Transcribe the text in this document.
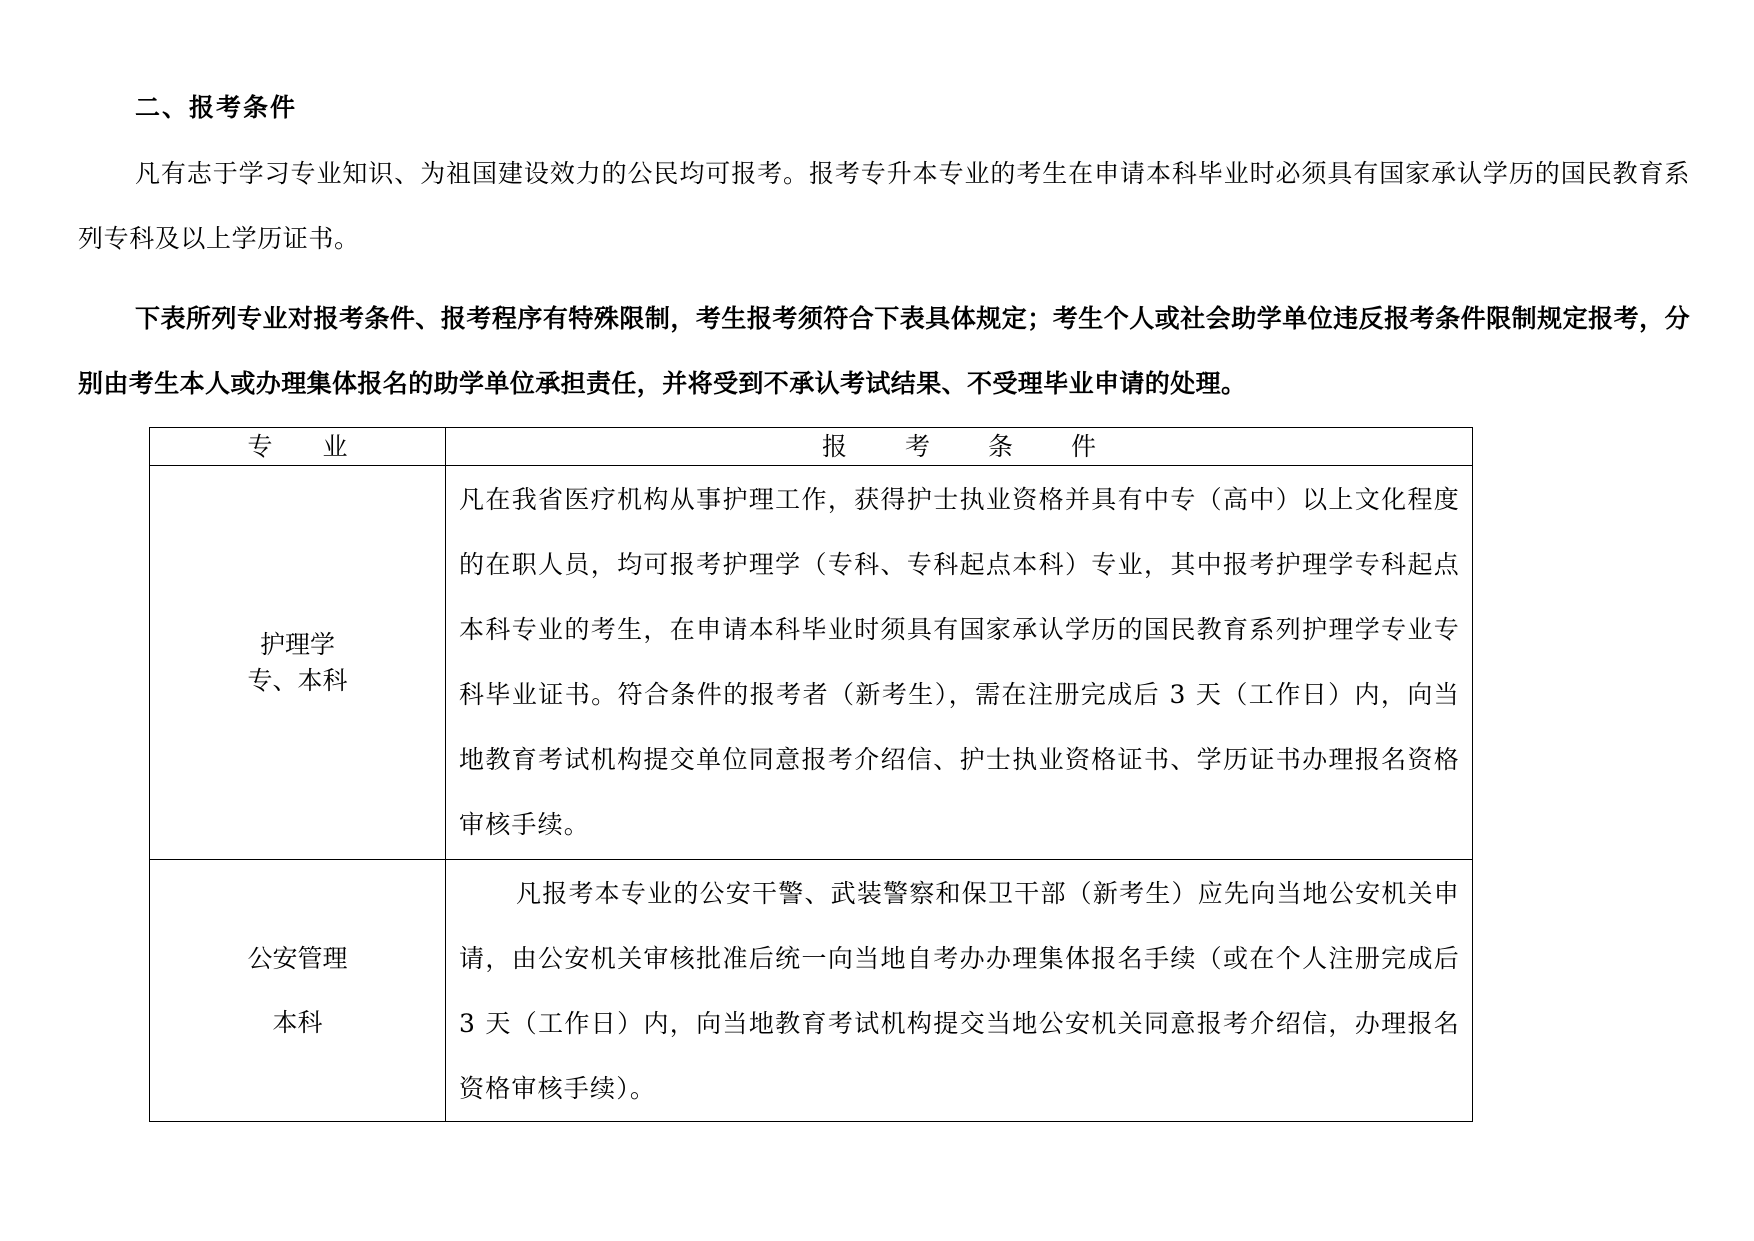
二、报考条件

凡有志于学习专业知识、为祖国建设效力的公民均可报考。报考专升本专业的考生在申请本科毕业时必须具有国家承认学历的国民教育系列专科及以上学历证书。

下表所列专业对报考条件、报考程序有特殊限制，考生报考须符合下表具体规定；考生个人或社会助学单位违反报考条件限制规定报考，分别由考生本人或办理集体报名的助学单位承担责任，并将受到不承认考试结果、不受理毕业申请的处理。

专业	报考条件

护理学
专、本科	凡在我省医疗机构从事护理工作，获得护士执业资格并具有中专（高中）以上文化程度的在职人员，均可报考护理学（专科、专科起点本科）专业，其中报考护理学专科起点本科专业的考生，在申请本科毕业时须具有国家承认学历的国民教育系列护理学专业专科毕业证书。符合条件的报考者（新考生），需在注册完成后 3 天（工作日）内，向当地教育考试机构提交单位同意报考介绍信、护士执业资格证书、学历证书办理报名资格审核手续。

公安管理
本科	凡报考本专业的公安干警、武装警察和保卫干部（新考生）应先向当地公安机关申请，由公安机关审核批准后统一向当地自考办办理集体报名手续（或在个人注册完成后 3 天（工作日）内，向当地教育考试机构提交当地公安机关同意报考介绍信，办理报名资格审核手续）。
